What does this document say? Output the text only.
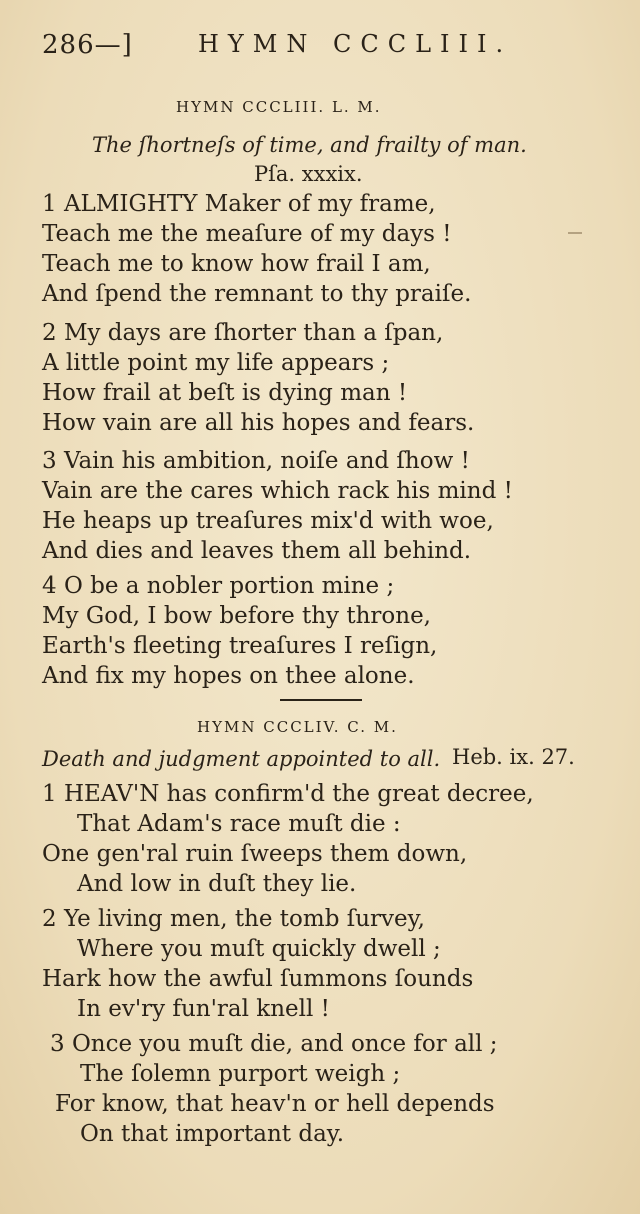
286—]	HYMN CCCLIII.
HYMN CCCLIII. L. M.
The ſhortneſs of time, and frailty of man.
Pſa. xxxix.
1 ALMIGHTY Maker of my frame,
Teach me the meaſure of my days !
Teach me to know how frail I am,
And ſpend the remnant to thy praiſe.
2 My days are ſhorter than a ſpan,
A little point my life appears ;
How frail at beſt is dying man !
How vain are all his hopes and fears.
3 Vain his ambition, noiſe and ſhow !
Vain are the cares which rack his mind !
He heaps up treaſures mix'd with woe,
And dies and leaves them all behind.
4 O be a nobler portion mine ;
My God, I bow before thy throne,
Earth's fleeting treaſures I reſign,
And fix my hopes on thee alone.
HYMN CCCLIV. C. M.
Death and judgment appointed to all. Heb. ix. 27.
1 HEAV'N has confirm'd the great decree,
That Adam's race muſt die :
One gen'ral ruin ſweeps them down,
And low in duſt they lie.
2 Ye living men, the tomb ſurvey,
Where you muſt quickly dwell ;
Hark how the awful ſummons ſounds
In ev'ry fun'ral knell !
3 Once you muſt die, and once for all ;
The ſolemn purport weigh ;
For know, that heav'n or hell depends
On that important day.
